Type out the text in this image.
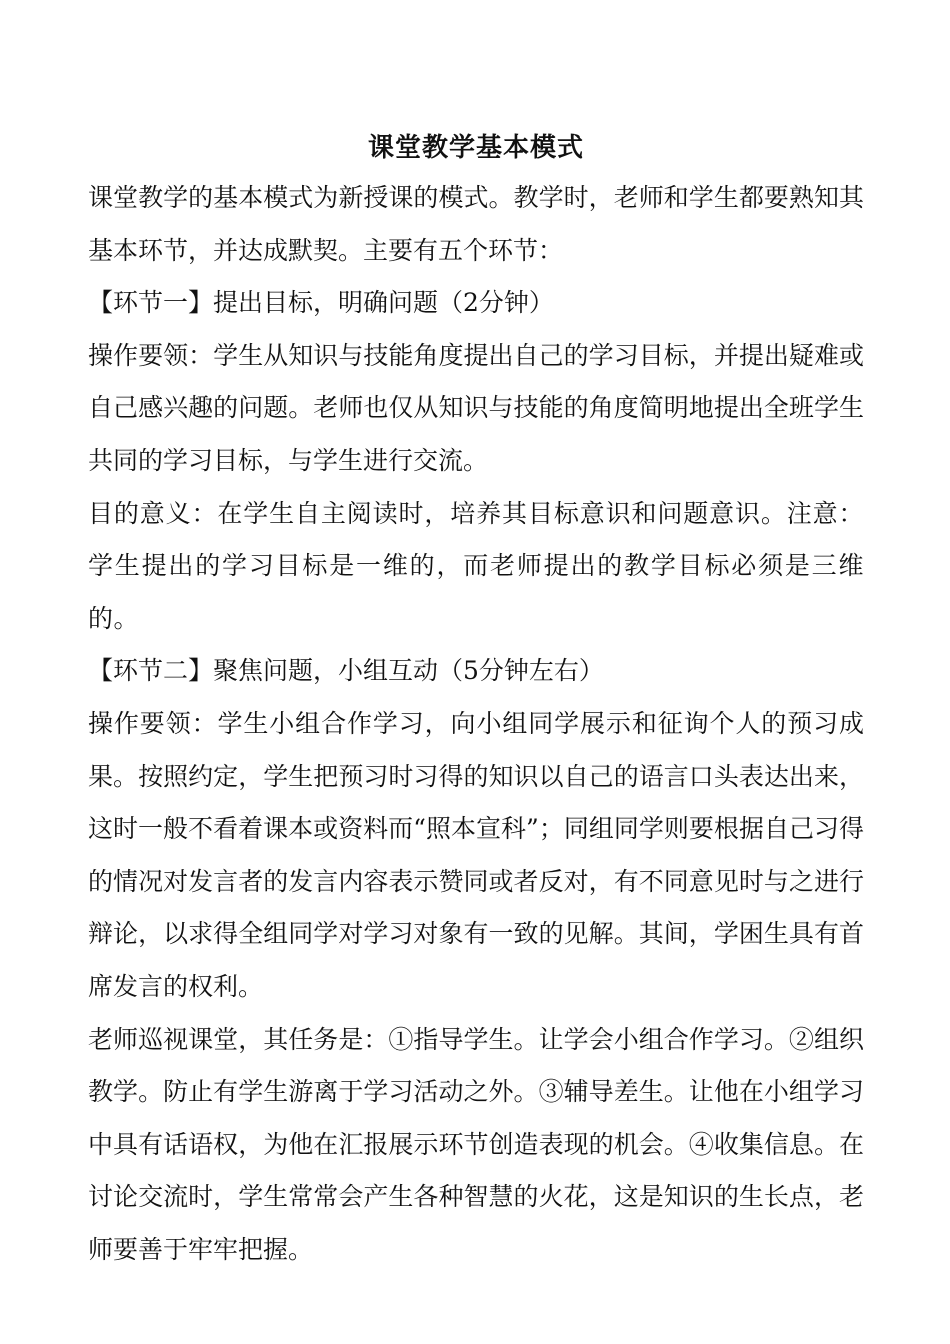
课堂教学基本模式

课堂教学的基本模式为新授课的模式。教学时，老师和学生都要熟知其基本环节，并达成默契。主要有五个环节：

【环节一】提出目标，明确问题（2分钟）

操作要领：学生从知识与技能角度提出自己的学习目标，并提出疑难或自己感兴趣的问题。老师也仅从知识与技能的角度简明地提出全班学生共同的学习目标，与学生进行交流。

目的意义：在学生自主阅读时，培养其目标意识和问题意识。注意：学生提出的学习目标是一维的，而老师提出的教学目标必须是三维的。

【环节二】聚焦问题，小组互动（5分钟左右）

操作要领：学生小组合作学习，向小组同学展示和征询个人的预习成果。按照约定，学生把预习时习得的知识以自己的语言口头表达出来，这时一般不看着课本或资料而“照本宣科”；同组同学则要根据自己习得的情况对发言者的发言内容表示赞同或者反对，有不同意见时与之进行辩论，以求得全组同学对学习对象有一致的见解。其间，学困生具有首席发言的权利。

老师巡视课堂，其任务是：①指导学生。让学会小组合作学习。②组织教学。防止有学生游离于学习活动之外。③辅导差生。让他在小组学习中具有话语权，为他在汇报展示环节创造表现的机会。④收集信息。在讨论交流时，学生常常会产生各种智慧的火花，这是知识的生长点，老师要善于牢牢把握。
